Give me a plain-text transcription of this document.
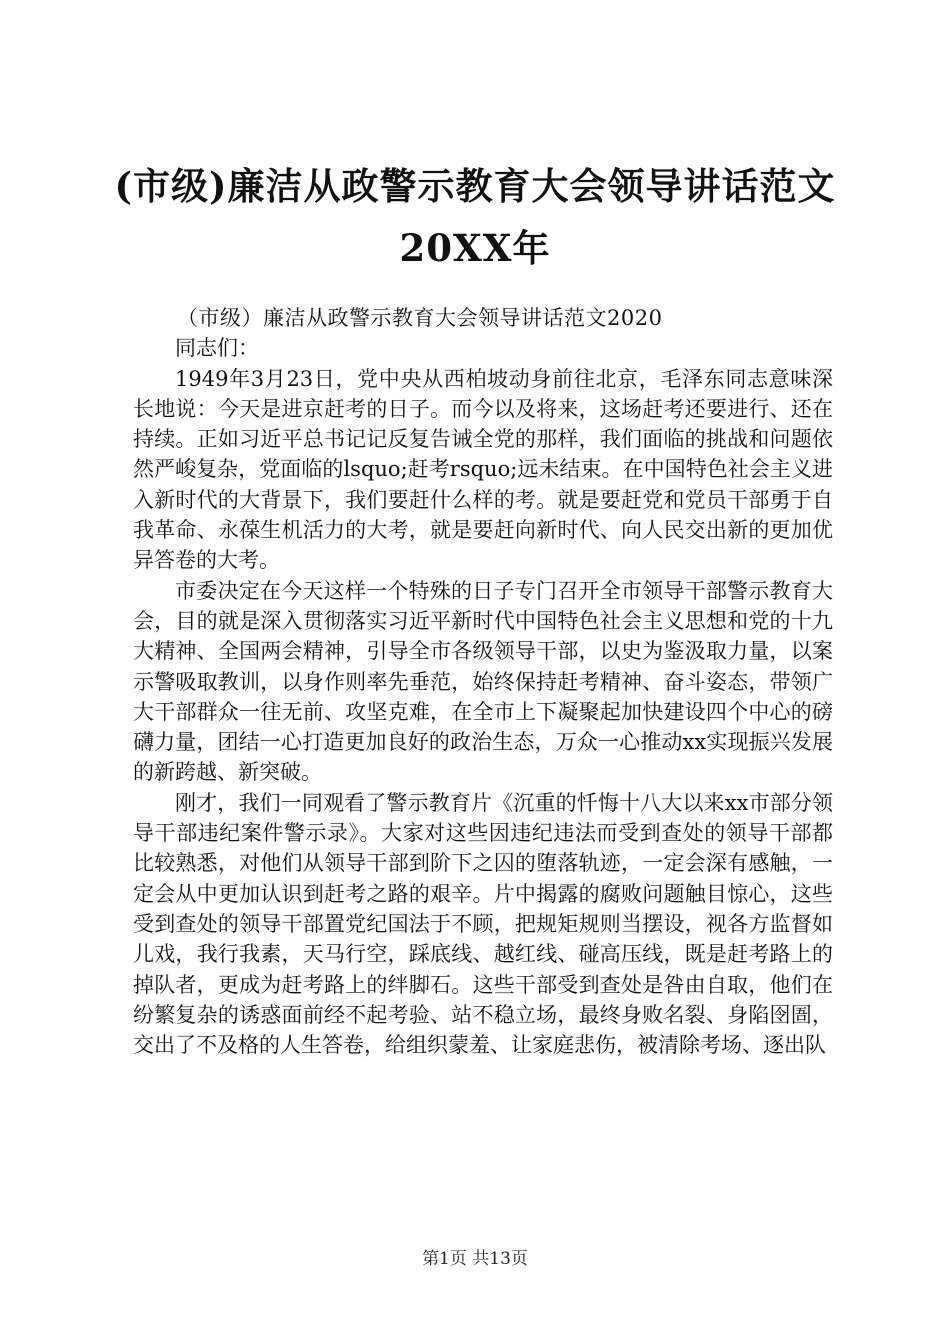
(市级)廉洁从政警示教育大会领导讲话范文
20XX年

（市级）廉洁从政警示教育大会领导讲话范文2020

同志们：

1949年3月23日，党中央从西柏坡动身前往北京，毛泽东同志意味深长地说：今天是进京赶考的日子。而今以及将来，这场赶考还要进行、还在持续。正如习近平总书记记反复告诫全党的那样，我们面临的挑战和问题依然严峻复杂，党面临的lsquo;赶考rsquo;远未结束。在中国特色社会主义进入新时代的大背景下，我们要赶什么样的考。就是要赶党和党员干部勇于自我革命、永葆生机活力的大考，就是要赶向新时代、向人民交出新的更加优异答卷的大考。

市委决定在今天这样一个特殊的日子专门召开全市领导干部警示教育大会，目的就是深入贯彻落实习近平新时代中国特色社会主义思想和党的十九大精神、全国两会精神，引导全市各级领导干部，以史为鉴汲取力量，以案示警吸取教训，以身作则率先垂范，始终保持赶考精神、奋斗姿态，带领广大干部群众一往无前、攻坚克难，在全市上下凝聚起加快建设四个中心的磅礴力量，团结一心打造更加良好的政治生态，万众一心推动xx实现振兴发展的新跨越、新突破。

刚才，我们一同观看了警示教育片《沉重的忏悔十八大以来xx市部分领导干部违纪案件警示录》。大家对这些因违纪违法而受到查处的领导干部都比较熟悉，对他们从领导干部到阶下之囚的堕落轨迹，一定会深有感触，一定会从中更加认识到赶考之路的艰辛。片中揭露的腐败问题触目惊心，这些受到查处的领导干部置党纪国法于不顾，把规矩规则当摆设，视各方监督如儿戏，我行我素，天马行空，踩底线、越红线、碰高压线，既是赶考路上的掉队者，更成为赶考路上的绊脚石。这些干部受到查处是咎由自取，他们在纷繁复杂的诱惑面前经不起考验、站不稳立场，最终身败名裂、身陷囹圄，交出了不及格的人生答卷，给组织蒙羞、让家庭悲伤，被清除考场、逐出队

第1页 共13页
